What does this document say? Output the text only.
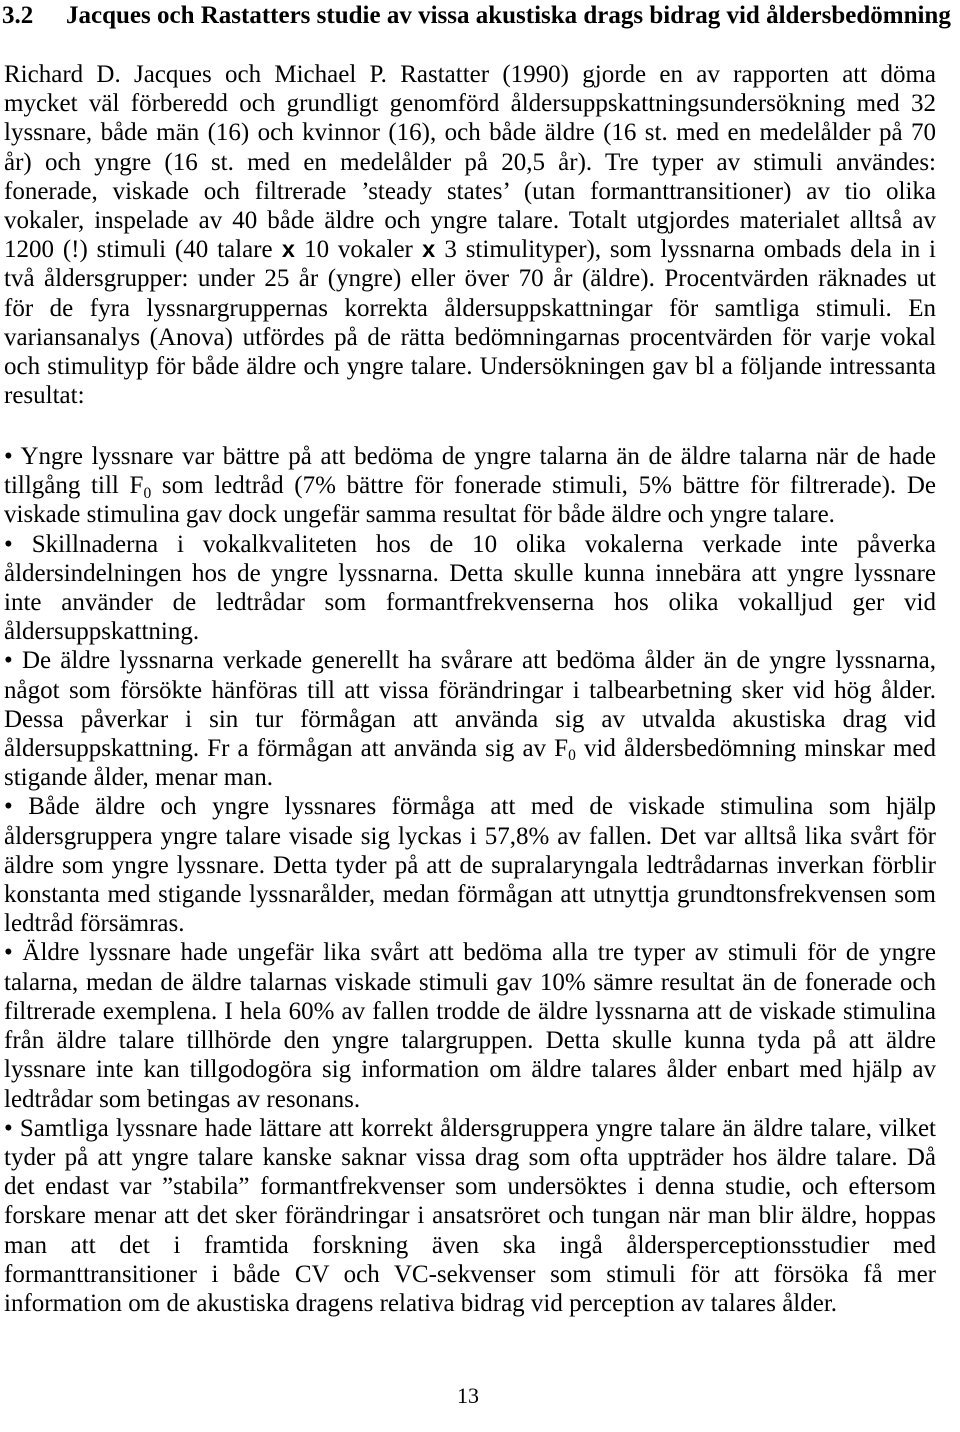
3.2 Jacques och Rastatters studie av vissa akustiska drags bidrag vid åldersbedömning
Richard D. Jacques och Michael P. Rastatter (1990) gjorde en av rapporten att döma
mycket väl förberedd och grundligt genomförd åldersuppskattningsundersökning med 32
lyssnare, både män (16) och kvinnor (16), och både äldre (16 st. med en medelålder på 70
år) och yngre (16 st. med en medelålder på 20,5 år). Tre typer av stimuli användes:
fonerade, viskade och filtrerade ’steady states’ (utan formanttransitioner) av tio olika
vokaler, inspelade av 40 både äldre och yngre talare. Totalt utgjordes materialet alltså av
1200 (!) stimuli (40 talare x 10 vokaler x 3 stimulityper), som lyssnarna ombads dela in i
två åldersgrupper: under 25 år (yngre) eller över 70 år (äldre). Procentvärden räknades ut
för de fyra lyssnargruppernas korrekta åldersuppskattningar för samtliga stimuli. En
variansanalys (Anova) utfördes på de rätta bedömningarnas procentvärden för varje vokal
och stimulityp för både äldre och yngre talare. Undersökningen gav bl a följande intressanta
resultat:
• Yngre lyssnare var bättre på att bedöma de yngre talarna än de äldre talarna när de hade
tillgång till F0 som ledtråd (7% bättre för fonerade stimuli, 5% bättre för filtrerade). De
viskade stimulina gav dock ungefär samma resultat för både äldre och yngre talare.
• Skillnaderna i vokalkvaliteten hos de 10 olika vokalerna verkade inte påverka
åldersindelningen hos de yngre lyssnarna. Detta skulle kunna innebära att yngre lyssnare
inte använder de ledtrådar som formantfrekvenserna hos olika vokalljud ger vid
åldersuppskattning.
• De äldre lyssnarna verkade generellt ha svårare att bedöma ålder än de yngre lyssnarna,
något som försökte hänföras till att vissa förändringar i talbearbetning sker vid hög ålder.
Dessa påverkar i sin tur förmågan att använda sig av utvalda akustiska drag vid
åldersuppskattning. Fr a förmågan att använda sig av F0 vid åldersbedömning minskar med
stigande ålder, menar man.
• Både äldre och yngre lyssnares förmåga att med de viskade stimulina som hjälp
åldersgruppera yngre talare visade sig lyckas i 57,8% av fallen. Det var alltså lika svårt för
äldre som yngre lyssnare. Detta tyder på att de supralaryngala ledtrådarnas inverkan förblir
konstanta med stigande lyssnarålder, medan förmågan att utnyttja grundtonsfrekvensen som
ledtråd försämras.
• Äldre lyssnare hade ungefär lika svårt att bedöma alla tre typer av stimuli för de yngre
talarna, medan de äldre talarnas viskade stimuli gav 10% sämre resultat än de fonerade och
filtrerade exemplena. I hela 60% av fallen trodde de äldre lyssnarna att de viskade stimulina
från äldre talare tillhörde den yngre talargruppen. Detta skulle kunna tyda på att äldre
lyssnare inte kan tillgodogöra sig information om äldre talares ålder enbart med hjälp av
ledtrådar som betingas av resonans.
• Samtliga lyssnare hade lättare att korrekt åldersgruppera yngre talare än äldre talare, vilket
tyder på att yngre talare kanske saknar vissa drag som ofta uppträder hos äldre talare. Då
det endast var ”stabila” formantfrekvenser som undersöktes i denna studie, och eftersom
forskare menar att det sker förändringar i ansatsröret och tungan när man blir äldre, hoppas
man att det i framtida forskning även ska ingå åldersperceptionsstudier med
formanttransitioner i både CV och VC-sekvenser som stimuli för att försöka få mer
information om de akustiska dragens relativa bidrag vid perception av talares ålder.
13
